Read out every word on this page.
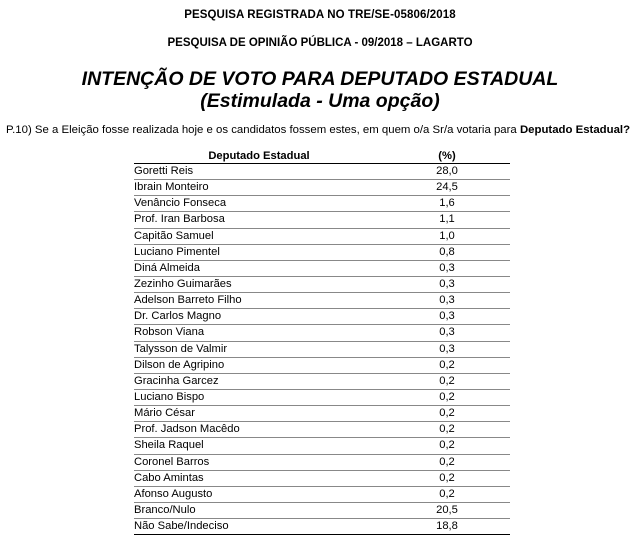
PESQUISA REGISTRADA NO TRE/SE-05806/2018
PESQUISA DE OPINIÃO PÚBLICA - 09/2018 – LAGARTO
INTENÇÃO DE VOTO PARA DEPUTADO ESTADUAL
(Estimulada - Uma opção)
P.10) Se a Eleição fosse realizada hoje e os candidatos fossem estes, em quem o/a Sr/a votaria para Deputado Estadual?
Deputado Estadual	(%)
Goretti Reis	28,0
Ibrain Monteiro	24,5
Venâncio Fonseca	1,6
Prof. Iran Barbosa	1,1
Capitão Samuel	1,0
Luciano Pimentel	0,8
Diná Almeida	0,3
Zezinho Guimarães	0,3
Adelson Barreto Filho	0,3
Dr. Carlos Magno	0,3
Robson Viana	0,3
Talysson de Valmir	0,3
Dilson de Agripino	0,2
Gracinha Garcez	0,2
Luciano Bispo	0,2
Mário César	0,2
Prof. Jadson Macêdo	0,2
Sheila Raquel	0,2
Coronel Barros	0,2
Cabo Amintas	0,2
Afonso Augusto	0,2
Branco/Nulo	20,5
Não Sabe/Indeciso	18,8
